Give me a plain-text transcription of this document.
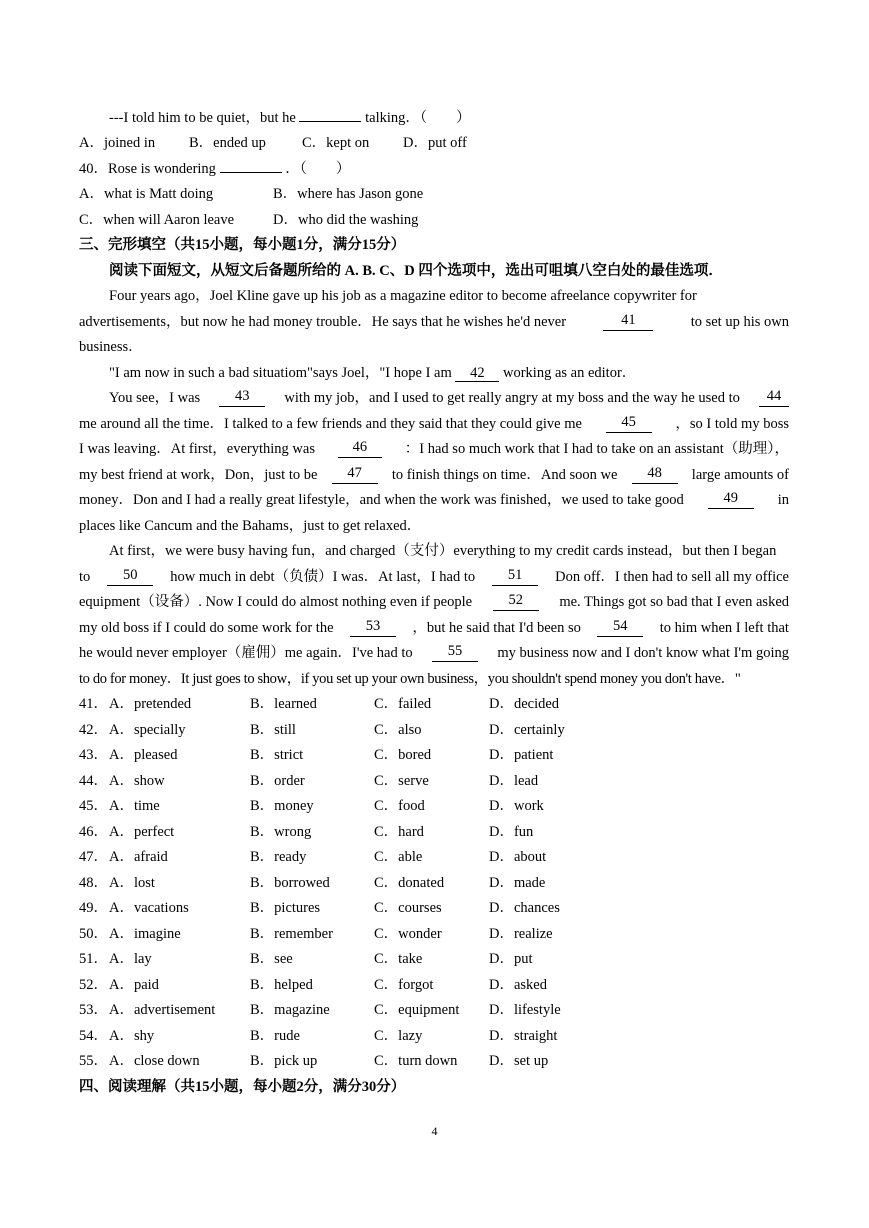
---I told him to be quiet，but he	talking．（　　）
A．joined in B．ended up C．kept on D．put off
40．Rose is wondering	．（　　）
A．what is Matt doing	B．where has Jason gone
C．when will Aaron leave	D．who did the washing
三、完形填空（共15小题，每小题1分，满分15分）
阅读下面短文，从短文后备题所给的 A. B. C、D 四个选项中，选出可咀填八空白处的最佳选项．
Four years ago，Joel Kline gave up his job as a magazine editor to become afreelance copywriter for
advertisements，but now he had money trouble．He says that he wishes he'd never	41	to set up his own
business．
"I am now in such a bad situatiom"says Joel，"I hope I am 42 working as an editor．
You see，I was	43	with my job，and I used to get really angry at my boss and the way he used to	44
me around all the time．I talked to a few friends and they said that they could give me	45	，so I told my boss
I was leaving．At first，everything was	46	：I had so much work that I had to take on an assistant（助理），
my best friend at work，Don，just to be	47	to finish things on time．And soon we	48	large amounts of
money．Don and I had a really great lifestyle，and when the work was finished，we used to take good	49	in
places like Cancum and the Bahams，just to get relaxed．
At first，we were busy having fun，and charged（支付）everything to my credit cards instead，but then I began
to	50	how much in debt（负债）I was．At last，I had to	51	Don off．I then had to sell all my office
equipment（设备）. Now I could do almost nothing even if people	52	me. Things got so bad that I even asked
my old boss if I could do some work for the	53	，but he said that I'd been so	54	to him when I left that
he would never employer（雇佣）me again．I've had to	55	my business now and I don't know what I'm going
to do for money．It just goes to show，if you set up your own business，you shouldn't spend money you don't have．"
41． A．pretended	B．learned	C．failed	D．decided
42． A．specially	B．still	C．also	D．certainly
43． A．pleased	B．strict	C．bored	D．patient
44． A．show	B．order	C．serve	D．lead
45． A．time	B．money	C．food	D．work
46． A．perfect	B．wrong	C．hard	D．fun
47． A．afraid	B．ready	C．able	D．about
48． A．lost	B．borrowed	C．donated	D．made
49． A．vacations	B．pictures	C．courses	D．chances
50． A．imagine	B．remember	C．wonder	D．realize
51． A．lay	B．see	C．take	D．put
52． A．paid	B．helped	C．forgot	D．asked
53． A．advertisement B．magazine	C．equipment D．lifestyle
54． A．shy	B．rude	C．lazy	D．straight
55． A．close down	B．pick up	C．turn down D．set up
四、阅读理解（共15小题，每小题2分，满分30分）
4
